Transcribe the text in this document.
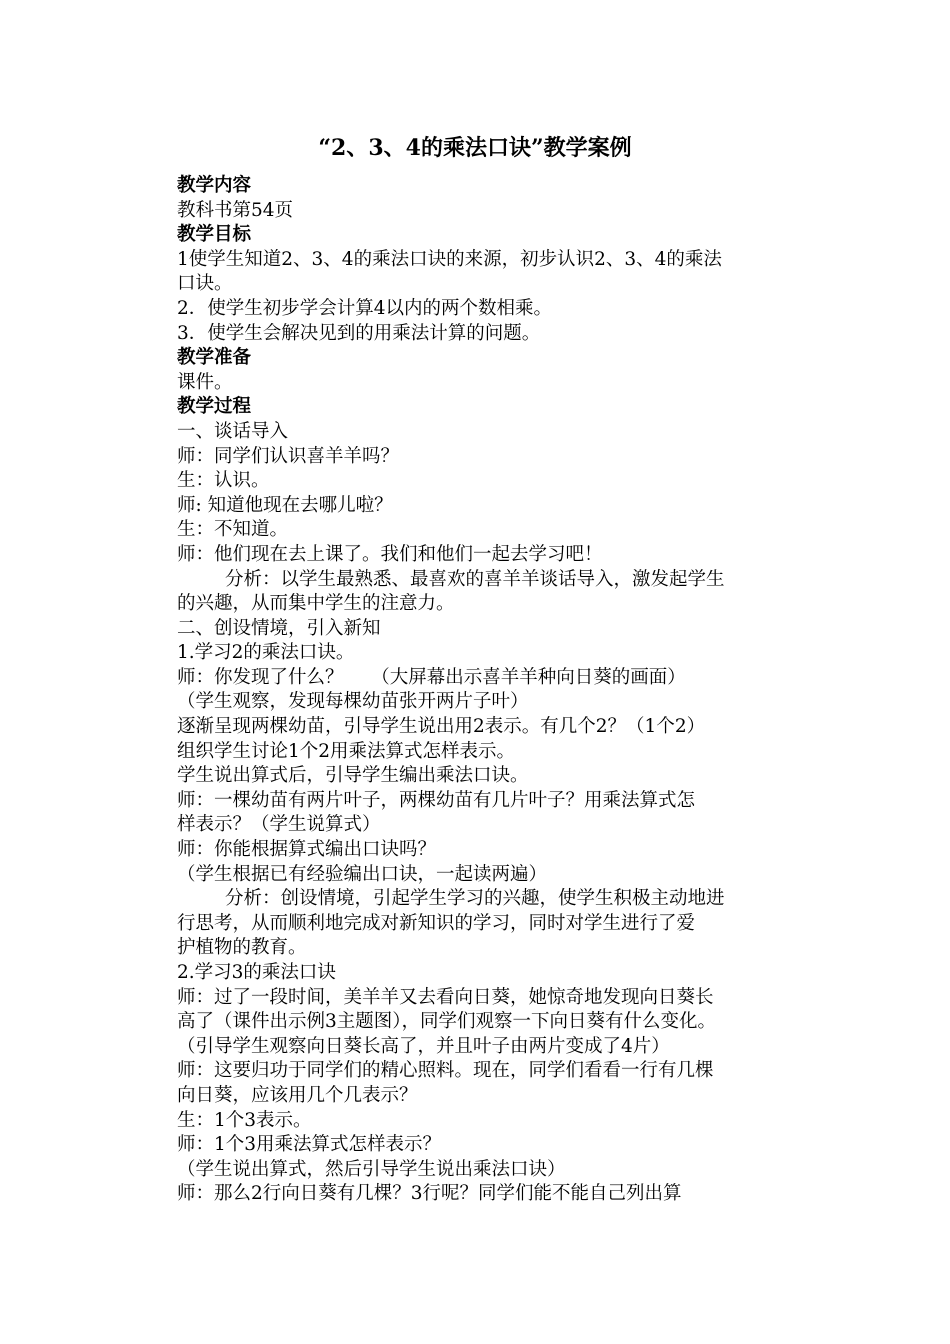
“2、3、4的乘法口诀”教学案例

教学内容

教科书第54页

教学目标

1使学生知道2、3、4的乘法口诀的来源，初步认识2、3、4的乘法

口诀。

2．使学生初步学会计算4以内的两个数相乘。

3．使学生会解决见到的用乘法计算的问题。

教学准备

课件。

教学过程

一、谈话导入

师：同学们认识喜羊羊吗？

生：认识。

师: 知道他现在去哪儿啦？

生：不知道。

师：他们现在去上课了。我们和他们一起去学习吧！

分析：以学生最熟悉、最喜欢的喜羊羊谈话导入，激发起学生

的兴趣，从而集中学生的注意力。

二、创设情境，引入新知

1.学习2的乘法口诀。

师：你发现了什么？　　（大屏幕出示喜羊羊种向日葵的画面）

（学生观察，发现每棵幼苗张开两片子叶）

逐渐呈现两棵幼苗，引导学生说出用2表示。有几个2？（1个2）

组织学生讨论1个2用乘法算式怎样表示。

学生说出算式后，引导学生编出乘法口诀。

师：一棵幼苗有两片叶子，两棵幼苗有几片叶子？用乘法算式怎

样表示？（学生说算式）

师：你能根据算式编出口诀吗？

（学生根据已有经验编出口诀，一起读两遍）

分析：创设情境，引起学生学习的兴趣，使学生积极主动地进

行思考，从而顺利地完成对新知识的学习，同时对学生进行了爱

护植物的教育。

2.学习3的乘法口诀

师：过了一段时间，美羊羊又去看向日葵，她惊奇地发现向日葵长

高了（课件出示例3主题图），同学们观察一下向日葵有什么变化。

（引导学生观察向日葵长高了，并且叶子由两片变成了4片）

师：这要归功于同学们的精心照料。现在，同学们看看一行有几棵

向日葵，应该用几个几表示？

生：1个3表示。

师：1个3用乘法算式怎样表示？

（学生说出算式，然后引导学生说出乘法口诀）

师：那么2行向日葵有几棵？3行呢？同学们能不能自己列出算
